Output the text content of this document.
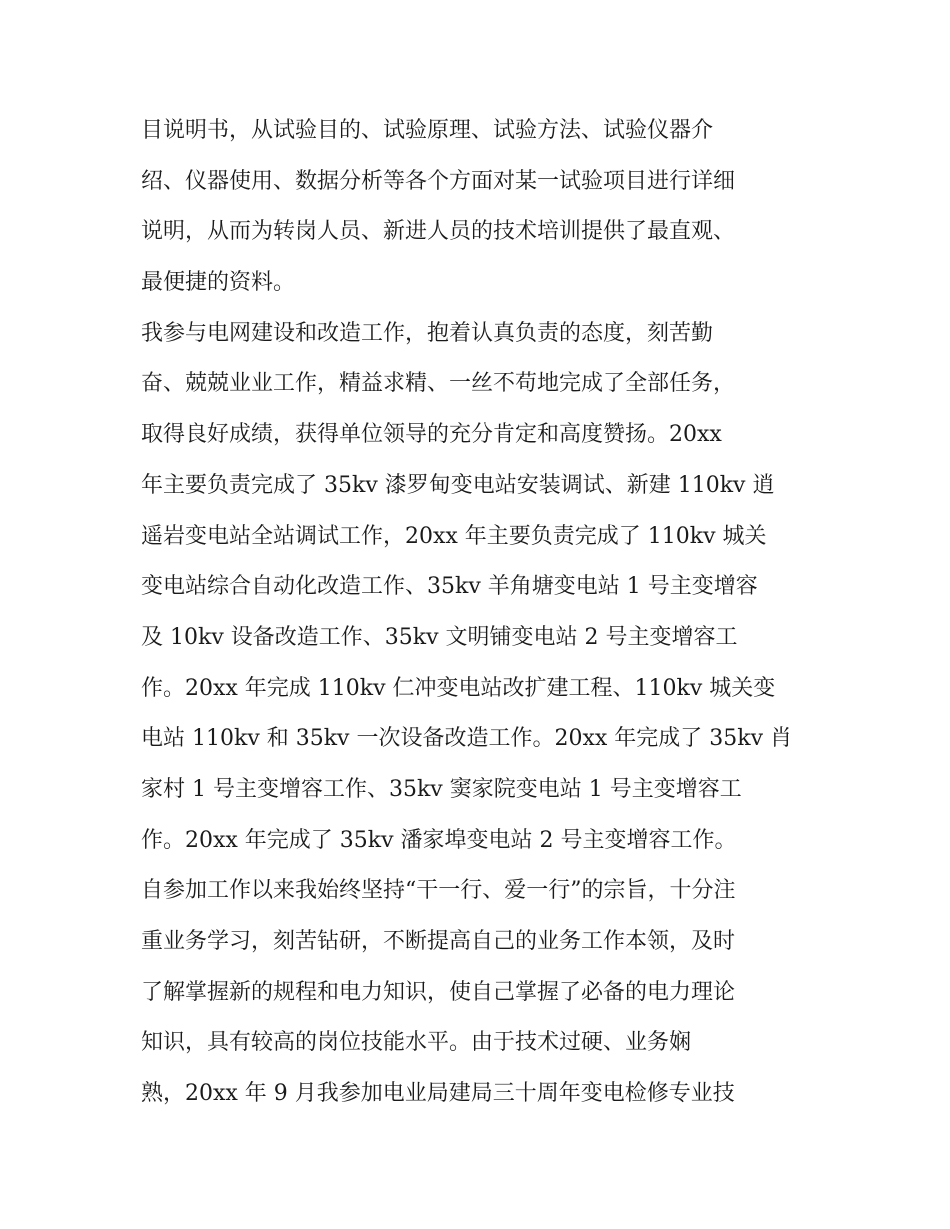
目说明书，从试验目的、试验原理、试验方法、试验仪器介
绍、仪器使用、数据分析等各个方面对某一试验项目进行详细
说明，从而为转岗人员、新进人员的技术培训提供了最直观、
最便捷的资料。
我参与电网建设和改造工作，抱着认真负责的态度，刻苦勤
奋、兢兢业业工作，精益求精、一丝不苟地完成了全部任务，
取得良好成绩，获得单位领导的充分肯定和高度赞扬。20xx
年主要负责完成了 35kv 漆罗甸变电站安装调试、新建 110kv 逍
遥岩变电站全站调试工作，20xx 年主要负责完成了 110kv 城关
变电站综合自动化改造工作、35kv 羊角塘变电站 1 号主变增容
及 10kv 设备改造工作、35kv 文明铺变电站 2 号主变增容工
作。20xx 年完成 110kv 仁冲变电站改扩建工程、110kv 城关变
电站 110kv 和 35kv 一次设备改造工作。20xx 年完成了 35kv 肖
家村 1 号主变增容工作、35kv 窦家院变电站 1 号主变增容工
作。20xx 年完成了 35kv 潘家埠变电站 2 号主变增容工作。
自参加工作以来我始终坚持“干一行、爱一行”的宗旨，十分注
重业务学习，刻苦钻研，不断提高自己的业务工作本领，及时
了解掌握新的规程和电力知识，使自己掌握了必备的电力理论
知识，具有较高的岗位技能水平。由于技术过硬、业务娴
熟，20xx 年 9 月我参加电业局建局三十周年变电检修专业技
